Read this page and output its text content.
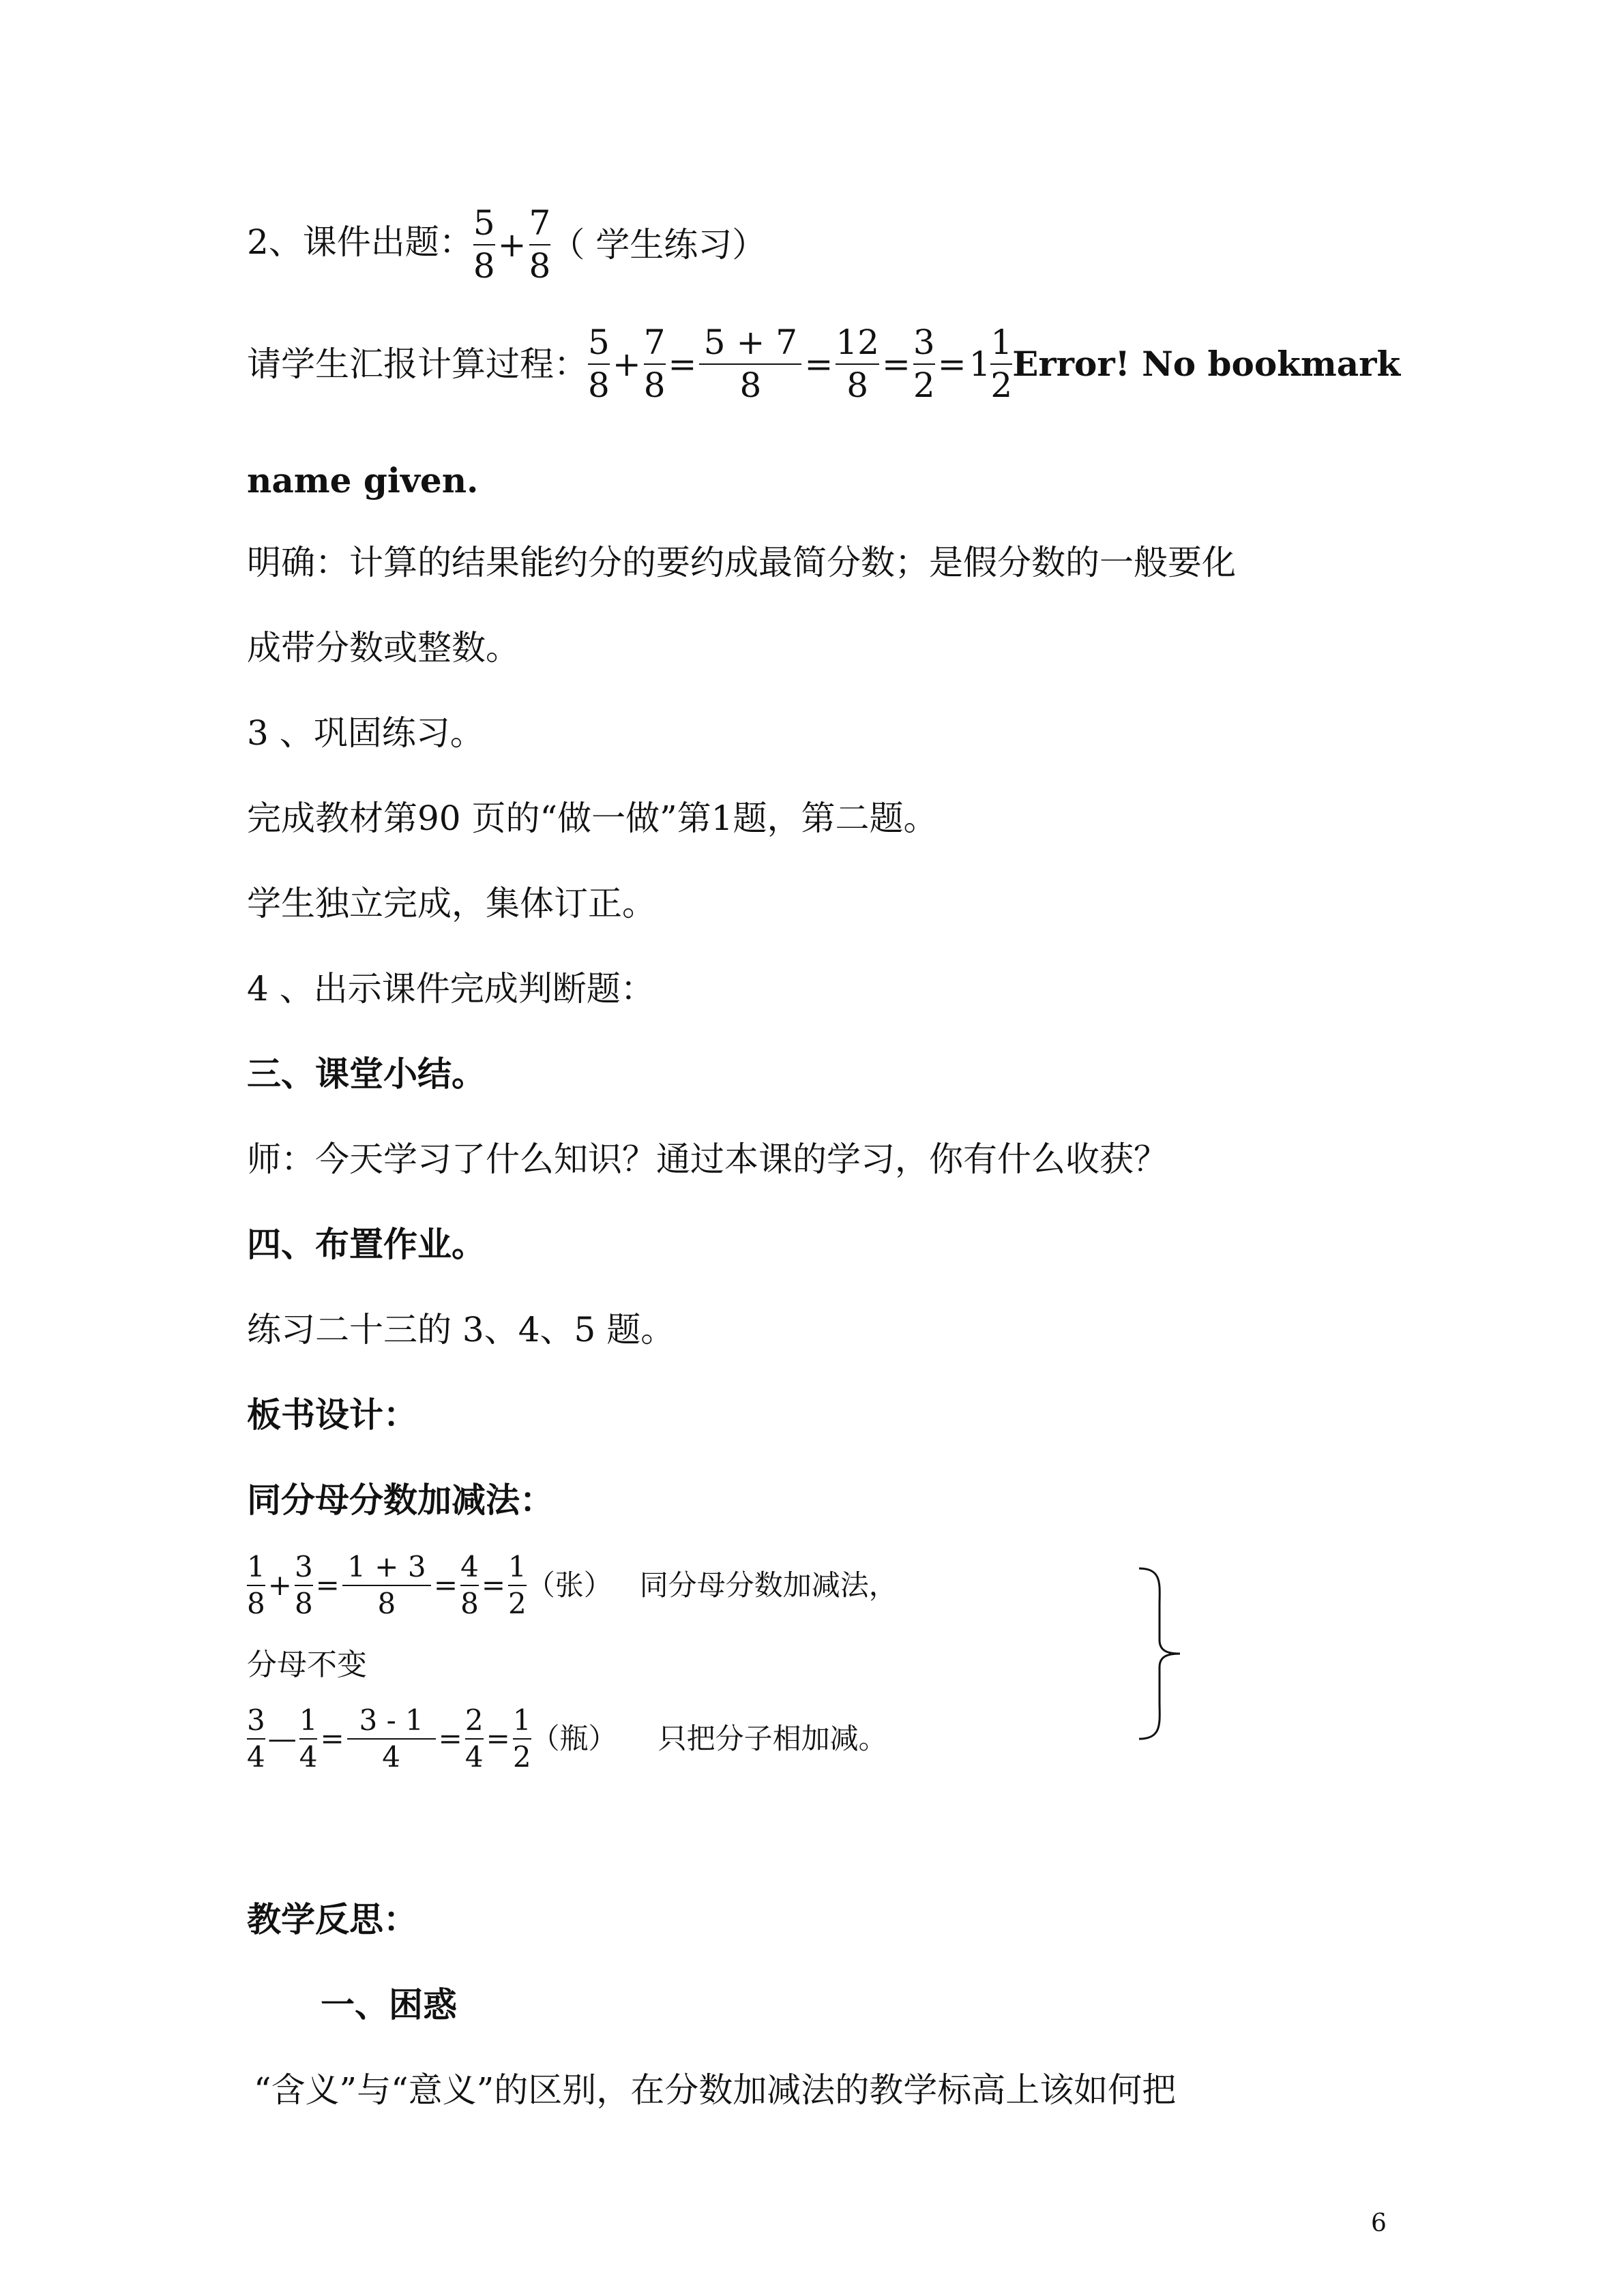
2、课件出题： $\frac{5}{8} + \frac{7}{8}$ （ 学生练习）
请学生汇报计算过程： $\frac{5}{8} + \frac{7}{8} = \frac{5 + 7}{8} = \frac{12}{8} = \frac{3}{2} =1 \frac{1}{2}$ Error! No bookmark
name given.
明确：计算的结果能约分的要约成最简分数；是假分数的一般要化
成带分数或整数。
3 、巩固练习。
完成教材第90 页的“做一做”第1题，第二题。
学生独立完成，集体订正。
4 、出示课件完成判断题：
三、课堂小结。
师：今天学习了什么知识？通过本课的学习，你有什么收获？
四、布置作业。
练习二十三的 3、4、5 题。
板书设计：
同分母分数加减法：
$\frac{1}{8} + \frac{3}{8} = \frac{1 + 3}{8} = \frac{4}{8} = \frac{1}{2}$ （张） 同分母分数加减法，
分母不变
$\frac{3}{4}$ — $\frac{1}{4} = \frac{3 - 1}{4} = \frac{2}{4} = \frac{1}{2}$ （瓶） 只把分子相加减。
教学反思：
一、困惑
“含义”与“意义”的区别，在分数加减法的教学标高上该如何把
6
